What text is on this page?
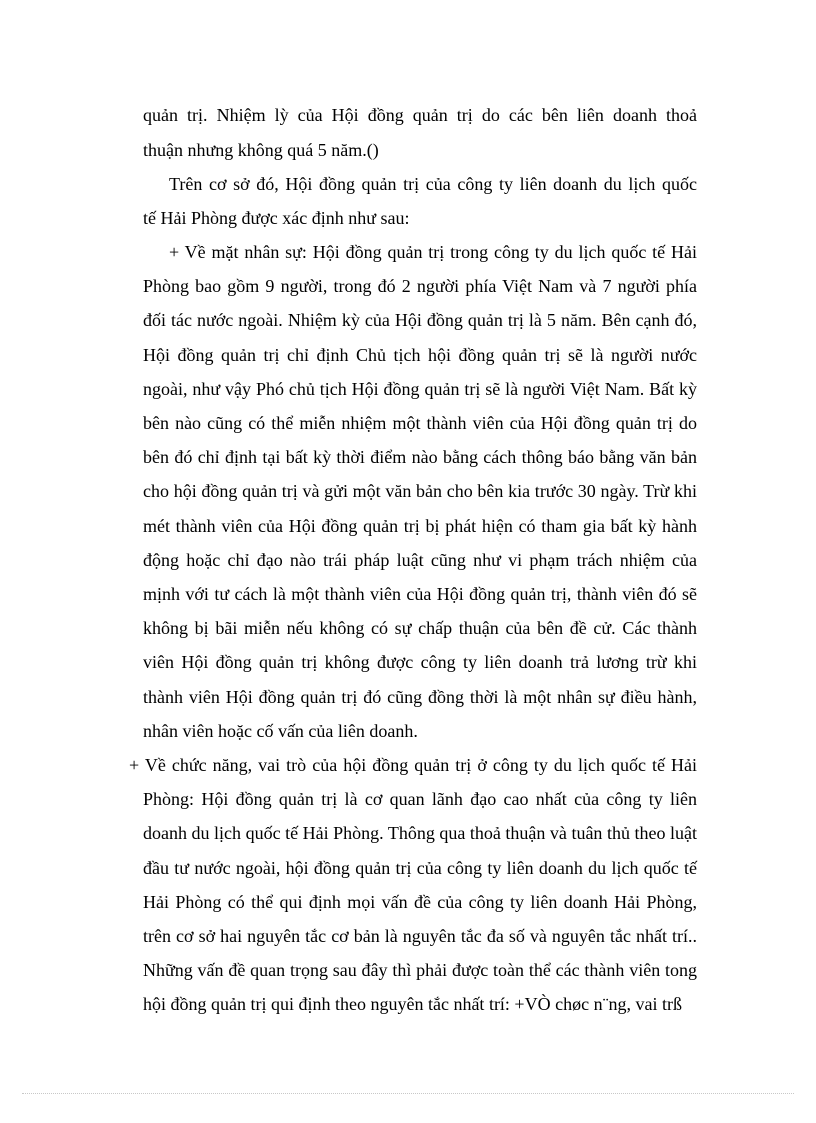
quản trị. Nhiệm lỳ của Hội đồng quản trị do các bên liên doanh thoả
thuận nhưng không quá 5 năm.()
Trên cơ sở đó, Hội đồng quản trị của công ty liên doanh du lịch quốc
tế Hải Phòng được xác định như sau:
+ Về mặt nhân sự: Hội đồng quản trị trong công ty du lịch quốc tế Hải
Phòng bao gồm 9 người, trong đó 2 người phía Việt Nam và 7 người phía
đối tác nước ngoài. Nhiệm kỳ của Hội đồng quản trị là 5 năm. Bên cạnh đó,
Hội đồng quản trị chỉ định Chủ tịch hội đồng quản trị sẽ là người nước
ngoài, như vậy Phó chủ tịch Hội đồng quản trị sẽ là người Việt Nam. Bất kỳ
bên nào cũng có thể miễn nhiệm một thành viên của Hội đồng quản trị do
bên đó chỉ định tại bất kỳ thời điểm nào bằng cách thông báo bằng văn bản
cho hội đồng quản trị và gửi một văn bản cho bên kia trước 30 ngày. Trừ khi
mét thành viên của Hội đồng quản trị bị phát hiện có tham gia bất kỳ hành
động hoặc chỉ đạo nào trái pháp luật cũng như vi phạm trách nhiệm của
mịnh với tư cách là một thành viên của Hội đồng quản trị, thành viên đó sẽ
không bị bãi miễn nếu không có sự chấp thuận của bên đề cử. Các thành
viên Hội đồng quản trị không được công ty liên doanh trả lương trừ khi
thành viên Hội đồng quản trị đó cũng đồng thời là một nhân sự điều hành,
nhân viên hoặc cố vấn của liên doanh.
+ Về chức năng, vai trò của hội đồng quản trị ở công ty du lịch quốc tế Hải
Phòng: Hội đồng quản trị là cơ quan lãnh đạo cao nhất của công ty liên
doanh du lịch quốc tế Hải Phòng. Thông qua thoả thuận và tuân thủ theo luật
đầu tư nước ngoài, hội đồng quản trị của công ty liên doanh du lịch quốc tế
Hải Phòng có thể qui định mọi vấn đề của công ty liên doanh Hải Phòng,
trên cơ sở hai nguyên tắc cơ bản là nguyên tắc đa số và nguyên tắc nhất trí..
Những vấn đề quan trọng sau đây thì phải được toàn thể các thành viên tong
hội đồng quản trị qui định theo nguyên tắc nhất trí: +VÒ chøc n¨ng, vai trß
